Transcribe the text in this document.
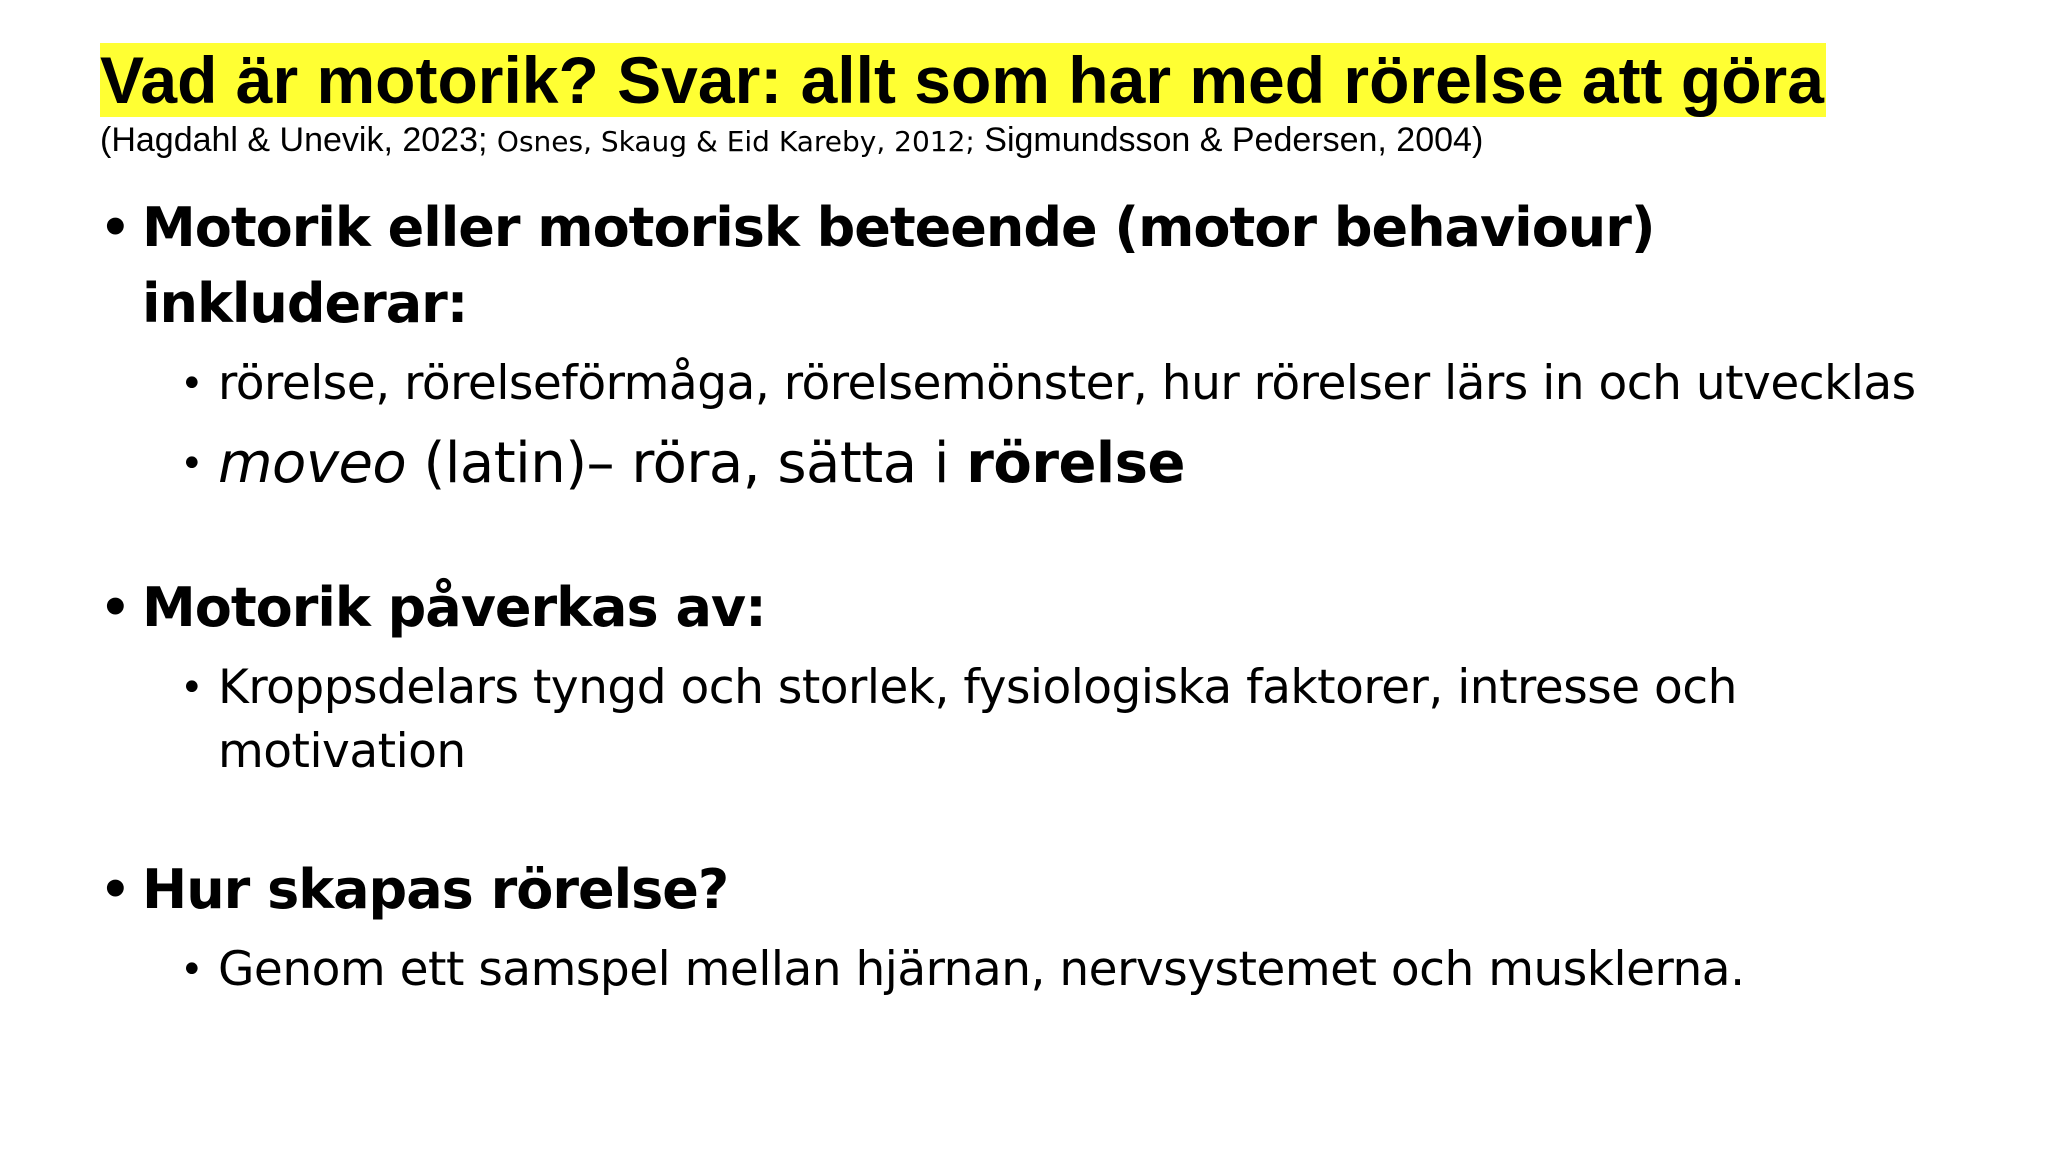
Vad är motorik? Svar: allt som har med rörelse att göra
(Hagdahl & Unevik, 2023; Osnes, Skaug & Eid Kareby, 2012; Sigmundsson & Pedersen, 2004)
• Motorik eller motorisk beteende (motor behaviour) inkluderar:
• rörelse, rörelseförmåga, rörelsemönster, hur rörelser lärs in och utvecklas
• moveo (latin)– röra, sätta i rörelse
• Motorik påverkas av:
• Kroppsdelars tyngd och storlek, fysiologiska faktorer, intresse och motivation
• Hur skapas rörelse?
• Genom ett samspel mellan hjärnan, nervsystemet och musklerna.
